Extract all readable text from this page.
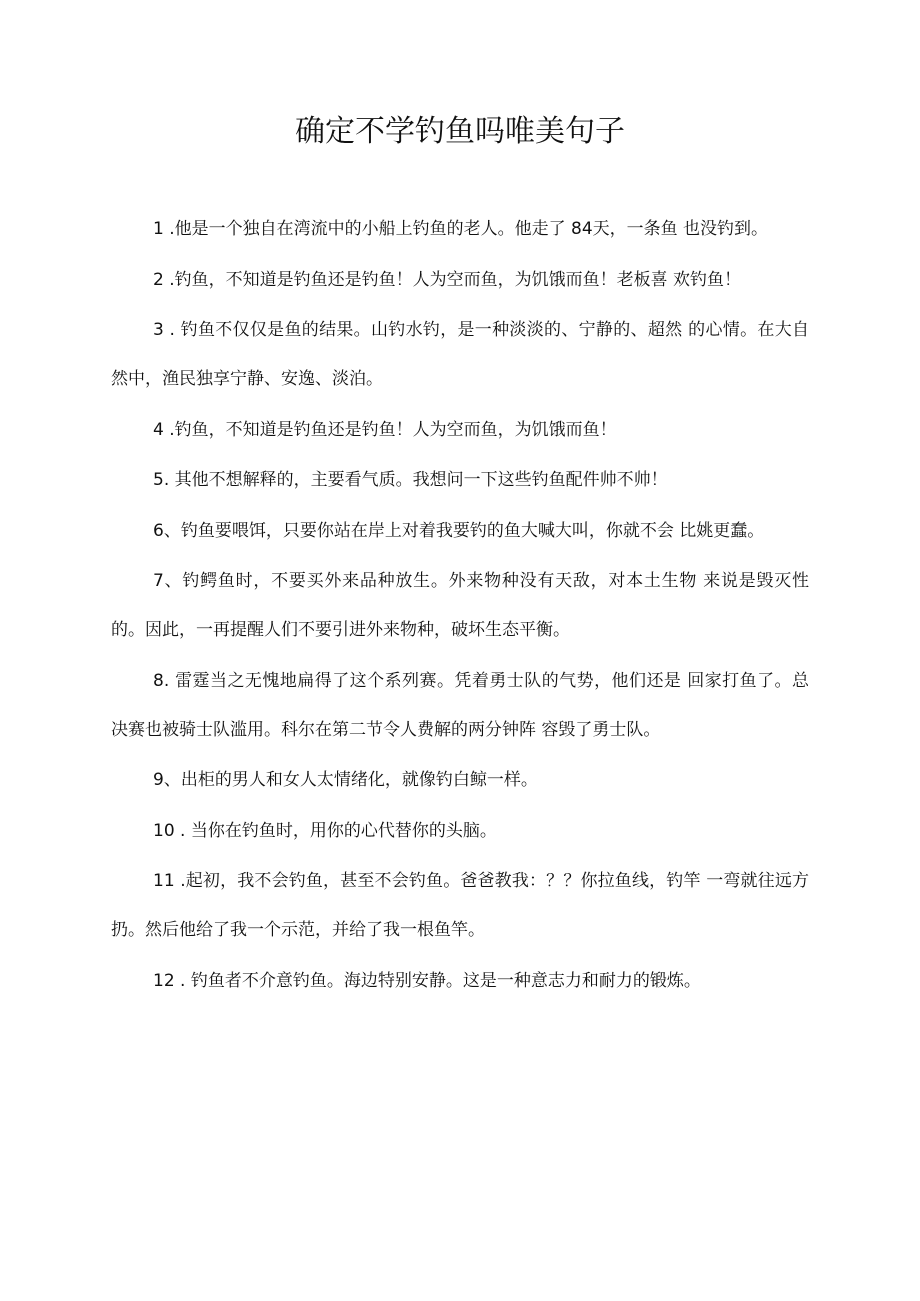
确定不学钓鱼吗唯美句子

1 .他是一个独自在湾流中的小船上钓鱼的老人。他走了 84天，一条鱼 也没钓到。

2 .钓鱼，不知道是钓鱼还是钓鱼！人为空而鱼，为饥饿而鱼！老板喜 欢钓鱼！

3 . 钓鱼不仅仅是鱼的结果。山钓水钓，是一种淡淡的、宁静的、超然 的心情。在大自然中，渔民独享宁静、安逸、淡泊。

4 .钓鱼，不知道是钓鱼还是钓鱼！人为空而鱼，为饥饿而鱼！

5. 其他不想解释的，主要看气质。我想问一下这些钓鱼配件帅不帅！

6、钓鱼要喂饵，只要你站在岸上对着我要钓的鱼大喊大叫，你就不会 比姚更蠢。

7、钓鳄鱼时，不要买外来品种放生。外来物种没有天敌，对本土生物 来说是毁灭性的。因此，一再提醒人们不要引进外来物种，破坏生态平衡。

8. 雷霆当之无愧地扁得了这个系列赛。凭着勇士队的气势，他们还是 回家打鱼了。总决赛也被骑士队滥用。科尔在第二节令人费解的两分钟阵 容毁了勇士队。

9、出柜的男人和女人太情绪化，就像钓白鲸一样。

10 . 当你在钓鱼时，用你的心代替你的头脑。

11 .起初，我不会钓鱼，甚至不会钓鱼。爸爸教我：？？你拉鱼线，钓竿 一弯就往远方扔。然后他给了我一个示范，并给了我一根鱼竿。

12 . 钓鱼者不介意钓鱼。海边特别安静。这是一种意志力和耐力的锻炼。
